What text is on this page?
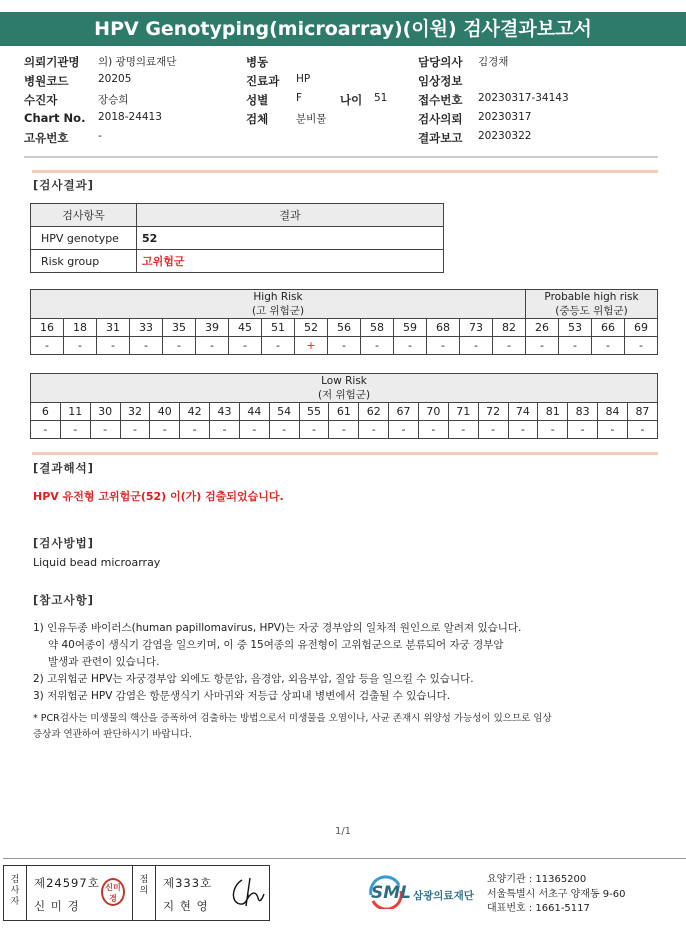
HPV Genotyping(microarray)(이원) 검사결과보고서
의뢰기관명 의) 광명의료재단	병동	담당의사 김경채
병원코드	20205	진료과 HP	임상정보
수진자	장승희	성별	F	나이 51	접수번호 20230317-34143
Chart No. 2018-24413	검체	분비물	검사의뢰 20230317
고유번호	-	결과보고 20230322
[검사결과]
검사항목	결과
HPV genotype	52
Risk group	고위험군
High Risk
(고 위험군)															Probable high risk
(중등도 위험군)			
16	18	31	33	35	39	45	51	52	56	58	59	68	73	82	26	53	66	69
-	-	-	-	-	-	-	-	+	-	-	-	-	-	-	-	-	-	-
Low Risk
(저 위험군)																				
6	11	30	32	40	42	43	44	54	55	61	62	67	70	71	72	74	81	83	84	87
-	-	-	-	-	-	-	-	-	-	-	-	-	-	-	-	-	-	-	-	-
[결과해석]
HPV 유전형 고위험군(52) 이(가) 검출되었습니다.
[검사방법]
Liquid bead microarray
[참고사항]
1) 인유두종 바이러스(human papillomavirus, HPV)는 자궁 경부암의 일차적 원인으로 알려져 있습니다.
약 40여종이 생식기 감염을 일으키며, 이 중 15여종의 유전형이 고위험군으로 분류되어 자궁 경부암
발생과 관련이 있습니다.
2) 고위험군 HPV는 자궁경부암 외에도 항문암, 음경암, 외음부암, 질암 등을 일으킬 수 있습니다.
3) 저위험군 HPV 감염은 항문생식기 사마귀와 저등급 상피내 병변에서 검출될 수 있습니다.
* PCR검사는 미생물의 핵산을 증폭하여 검출하는 방법으로서 미생물을 오염이나, 사균 존재시 위양성 가능성이 있으므로 임상
증상과 연관하여 판단하시기 바랍니다.
1/1
검사자
제24597호
신 미 경
신미경
점의
제333호
지 현 영
SML 삼광의료재단
요양기관 : 11365200
서울특별시 서초구 양재동 9-60
대표번호 : 1661-5117
